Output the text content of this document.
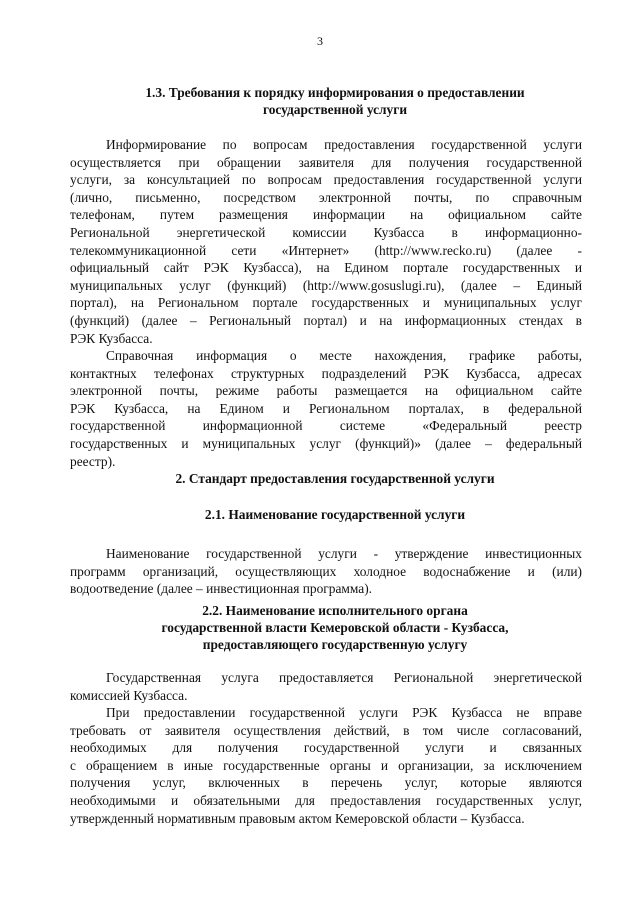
3
1.3. Требования к порядку информирования о предоставлении
государственной услуги
Информирование по вопросам предоставления государственной услуги
осуществляется при обращении заявителя для получения государственной
услуги, за консультацией по вопросам предоставления государственной услуги
(лично, письменно, посредством электронной почты, по справочным
телефонам, путем размещения информации на официальном сайте
Региональной энергетической комиссии Кузбасса в информационно-
телекоммуникационной сети «Интернет» (http://www.recko.ru) (далее -
официальный сайт РЭК Кузбасса), на Едином портале государственных и
муниципальных услуг (функций) (http://www.gosuslugi.ru), (далее – Единый
портал), на Региональном портале государственных и муниципальных услуг
(функций) (далее – Региональный портал) и на информационных стендах в
РЭК Кузбасса.
Справочная информация о месте нахождения, графике работы,
контактных телефонах структурных подразделений РЭК Кузбасса, адресах
электронной почты, режиме работы размещается на официальном сайте
РЭК Кузбасса, на Едином и Региональном порталах, в федеральной
государственной информационной системе «Федеральный реестр
государственных и муниципальных услуг (функций)» (далее – федеральный
реестр).
2. Стандарт предоставления государственной услуги
2.1. Наименование государственной услуги
Наименование государственной услуги - утверждение инвестиционных
программ организаций, осуществляющих холодное водоснабжение и (или)
водоотведение (далее – инвестиционная программа).
2.2. Наименование исполнительного органа
государственной власти Кемеровской области - Кузбасса,
предоставляющего государственную услугу
Государственная услуга предоставляется Региональной энергетической
комиссией Кузбасса.
При предоставлении государственной услуги РЭК Кузбасса не вправе
требовать от заявителя осуществления действий, в том числе согласований,
необходимых для получения государственной услуги и связанных
с обращением в иные государственные органы и организации, за исключением
получения услуг, включенных в перечень услуг, которые являются
необходимыми и обязательными для предоставления государственных услуг,
утвержденный нормативным правовым актом Кемеровской области – Кузбасса.
